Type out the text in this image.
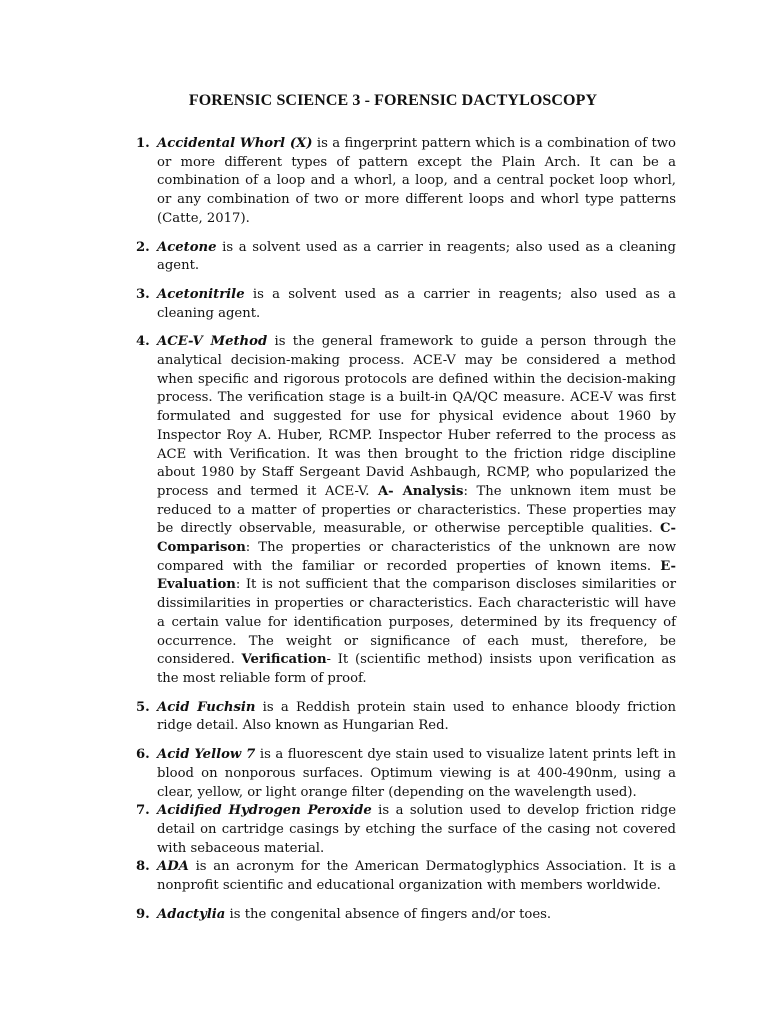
FORENSIC SCIENCE 3 - FORENSIC DACTYLOSCOPY
1. Accidental Whorl (X) is a fingerprint pattern which is a combination of two or more different types of pattern except the Plain Arch. It can be a combination of a loop and a whorl, a loop, and a central pocket loop whorl, or any combination of two or more different loops and whorl type patterns (Catte, 2017).
2. Acetone is a solvent used as a carrier in reagents; also used as a cleaning agent.
3. Acetonitrile is a solvent used as a carrier in reagents; also used as a cleaning agent.
4. ACE-V Method is the general framework to guide a person through the analytical decision-making process. ACE-V may be considered a method when specific and rigorous protocols are defined within the decision-making process. The verification stage is a built-in QA/QC measure. ACE-V was first formulated and suggested for use for physical evidence about 1960 by Inspector Roy A. Huber, RCMP. Inspector Huber referred to the process as ACE with Verification. It was then brought to the friction ridge discipline about 1980 by Staff Sergeant David Ashbaugh, RCMP, who popularized the process and termed it ACE-V. A- Analysis: The unknown item must be reduced to a matter of properties or characteristics. These properties may be directly observable, measurable, or otherwise perceptible qualities. C-Comparison: The properties or characteristics of the unknown are now compared with the familiar or recorded properties of known items. E-Evaluation: It is not sufficient that the comparison discloses similarities or dissimilarities in properties or characteristics. Each characteristic will have a certain value for identification purposes, determined by its frequency of occurrence. The weight or significance of each must, therefore, be considered. Verification- It (scientific method) insists upon verification as the most reliable form of proof.
5. Acid Fuchsin is a Reddish protein stain used to enhance bloody friction ridge detail. Also known as Hungarian Red.
6. Acid Yellow 7 is a fluorescent dye stain used to visualize latent prints left in blood on nonporous surfaces. Optimum viewing is at 400-490nm, using a clear, yellow, or light orange filter (depending on the wavelength used).
7. Acidified Hydrogen Peroxide is a solution used to develop friction ridge detail on cartridge casings by etching the surface of the casing not covered with sebaceous material.
8. ADA is an acronym for the American Dermatoglyphics Association. It is a nonprofit scientific and educational organization with members worldwide.
9. Adactylia is the congenital absence of fingers and/or toes.
